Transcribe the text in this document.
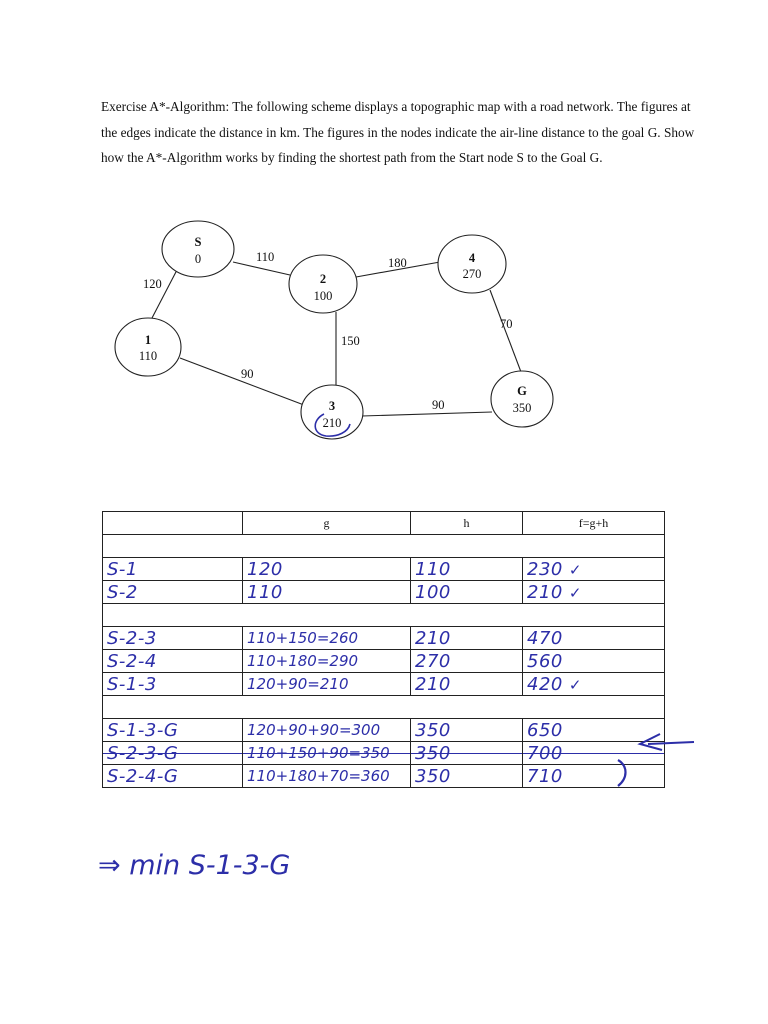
Exercise A*-Algorithm: The following scheme displays a topographic map with a road network. The figures at the edges indicate the distance in km. The figures in the nodes indicate the air-line distance to the goal G. Show how the A*-Algorithm works by finding the shortest path from the Start node S to the Goal G.

120
110	180
150
90
90
70
S
0
1
110
2
100
3
210
4
270
G
350
	g	h	f=g+h

S-1	120	110	230 ✓
S-2	110	100	210 ✓

S-2-3	110+150=260	210	470
S-2-4	110+180=290	270	560
S-1-3	120+90=210	210	420 ✓

S-1-3-G	120+90+90=300	350	650
S-2-3-G	110+150+90=350	350	700

S-2-4-G	110+180+70=360	350	710

⇒ min S-1-3-G
